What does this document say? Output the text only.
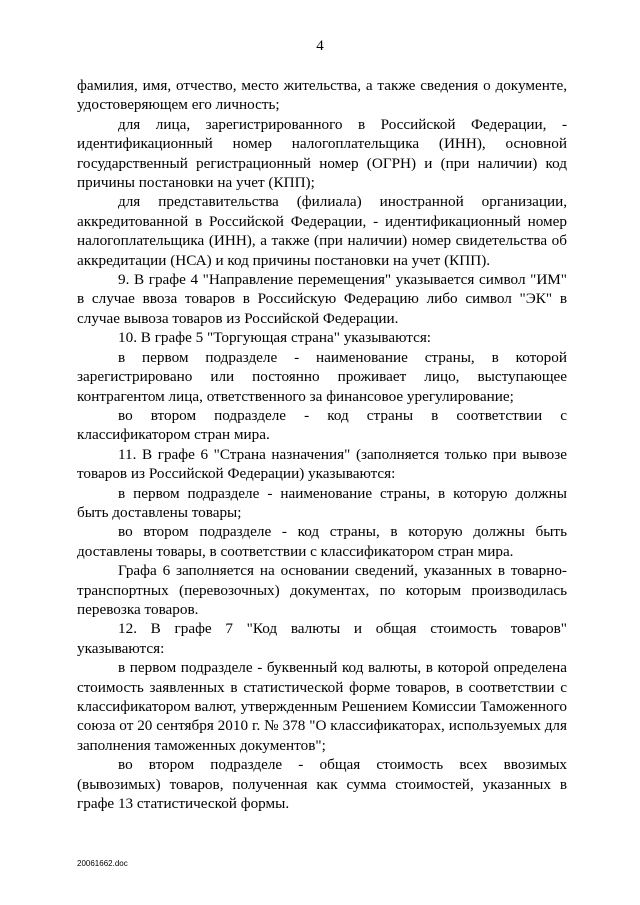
4

фамилия, имя, отчество, место жительства, а также сведения о документе, удостоверяющем его личность;

для лица, зарегистрированного в Российской Федерации, - идентификационный номер налогоплательщика (ИНН), основной государственный регистрационный номер (ОГРН) и (при наличии) код причины постановки на учет (КПП);

для представительства (филиала) иностранной организации, аккредитованной в Российской Федерации, - идентификационный номер налогоплательщика (ИНН), а также (при наличии) номер свидетельства об аккредитации (НСА) и код причины постановки на учет (КПП).

9. В графе 4 "Направление перемещения" указывается символ "ИМ" в случае ввоза товаров в Российскую Федерацию либо символ "ЭК" в случае вывоза товаров из Российской Федерации.

10. В графе 5 "Торгующая страна" указываются:

в первом подразделе - наименование страны, в которой зарегистрировано или постоянно проживает лицо, выступающее контрагентом лица, ответственного за финансовое урегулирование;

во втором подразделе - код страны в соответствии с классификатором стран мира.

11. В графе 6 "Страна назначения" (заполняется только при вывозе товаров из Российской Федерации) указываются:

в первом подразделе - наименование страны, в которую должны быть доставлены товары;

во втором подразделе - код страны, в которую должны быть доставлены товары, в соответствии с классификатором стран мира.

Графа 6 заполняется на основании сведений, указанных в товарно-транспортных (перевозочных) документах, по которым производилась перевозка товаров.

12. В графе 7 "Код валюты и общая стоимость товаров" указываются:

в первом подразделе - буквенный код валюты, в которой определена стоимость заявленных в статистической форме товаров, в соответствии с классификатором валют, утвержденным Решением Комиссии Таможенного союза от 20 сентября 2010 г. № 378 "О классификаторах, используемых для заполнения таможенных документов";

во втором подразделе - общая стоимость всех ввозимых (вывозимых) товаров, полученная как сумма стоимостей, указанных в графе 13 статистической формы.

20061662.doc
